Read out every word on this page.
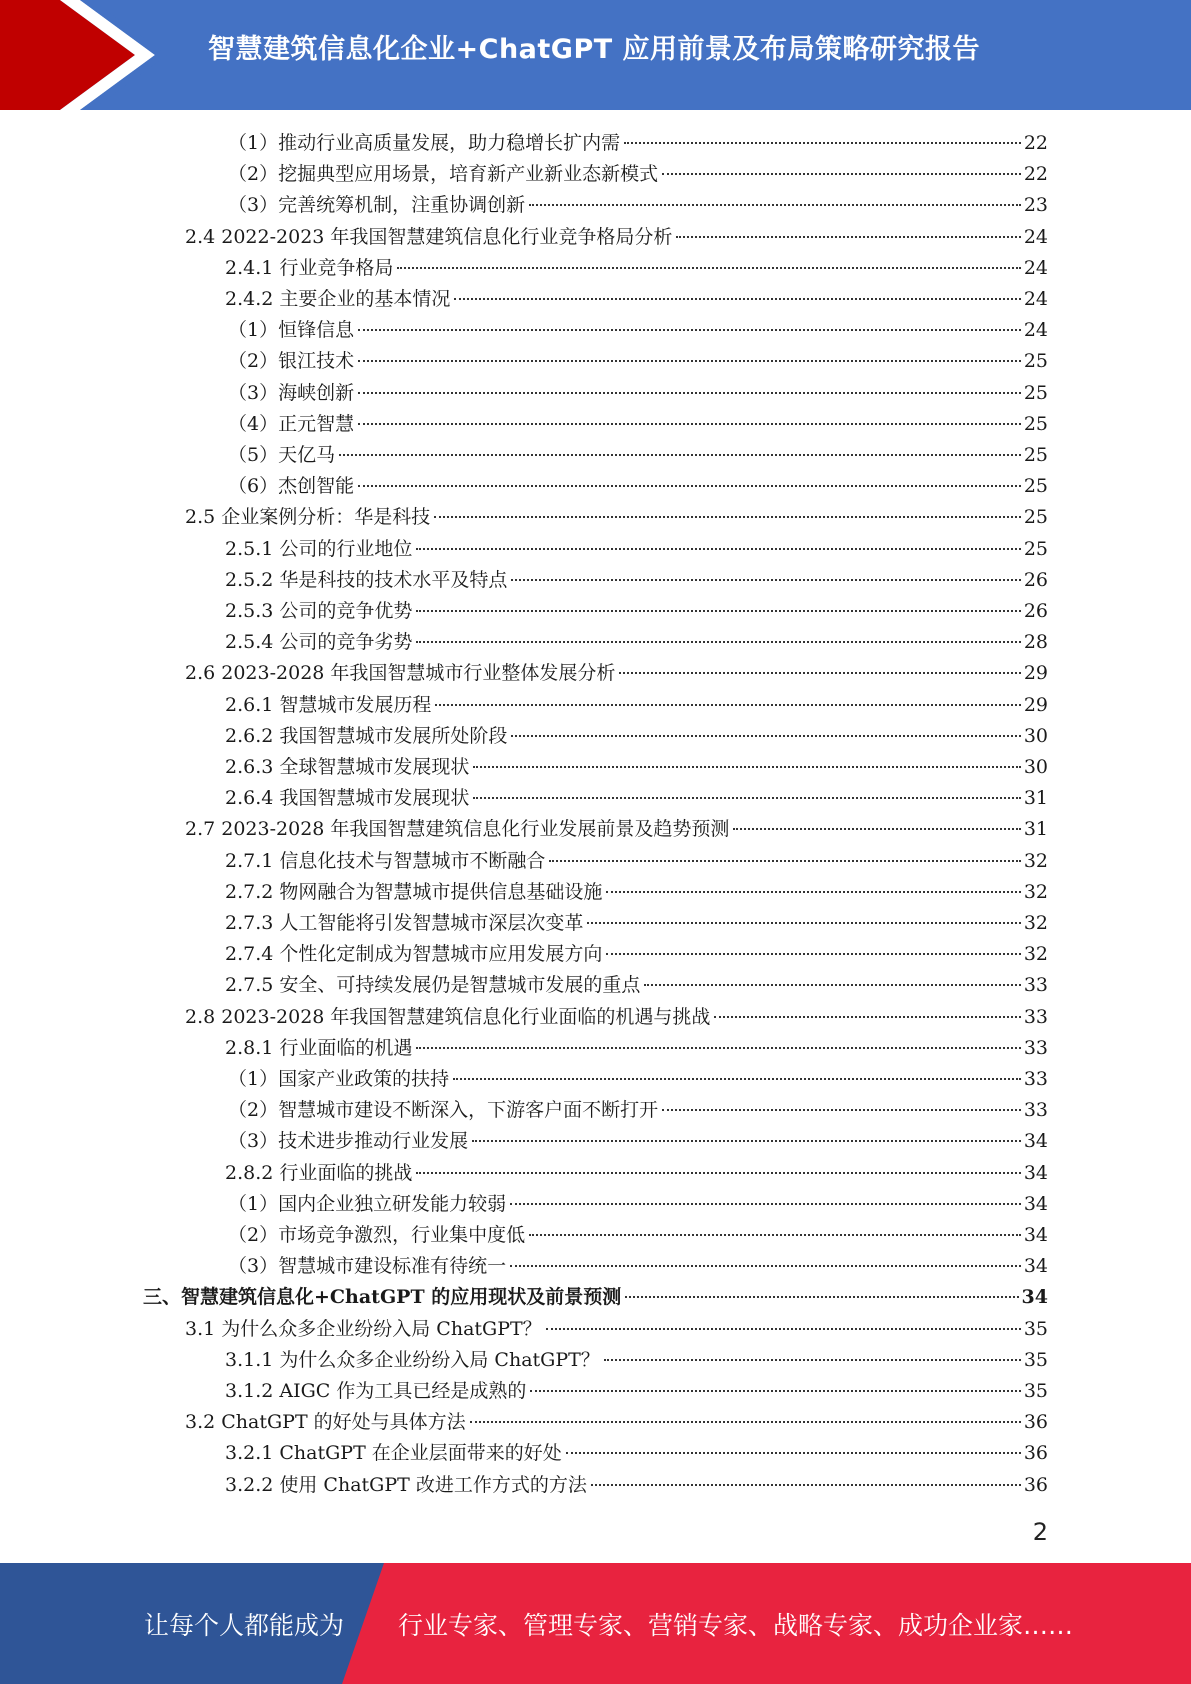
智慧建筑信息化企业+ChatGPT 应用前景及布局策略研究报告
（1）推动行业高质量发展，助力稳增长扩内需	22
（2）挖掘典型应用场景，培育新产业新业态新模式	22
（3）完善统筹机制，注重协调创新	23
2.4 2022-2023 年我国智慧建筑信息化行业竞争格局分析	24
2.4.1 行业竞争格局	24
2.4.2 主要企业的基本情况	24
（1）恒锋信息	24
（2）银江技术	25
（3）海峡创新	25
（4）正元智慧	25
（5）天亿马	25
（6）杰创智能	25
2.5 企业案例分析：华是科技	25
2.5.1 公司的行业地位	25
2.5.2 华是科技的技术水平及特点	26
2.5.3 公司的竞争优势	26
2.5.4 公司的竞争劣势	28
2.6 2023-2028 年我国智慧城市行业整体发展分析	29
2.6.1 智慧城市发展历程	29
2.6.2 我国智慧城市发展所处阶段	30
2.6.3 全球智慧城市发展现状	30
2.6.4 我国智慧城市发展现状	31
2.7 2023-2028 年我国智慧建筑信息化行业发展前景及趋势预测	31
2.7.1 信息化技术与智慧城市不断融合	32
2.7.2 物网融合为智慧城市提供信息基础设施	32
2.7.3 人工智能将引发智慧城市深层次变革	32
2.7.4 个性化定制成为智慧城市应用发展方向	32
2.7.5 安全、可持续发展仍是智慧城市发展的重点	33
2.8 2023-2028 年我国智慧建筑信息化行业面临的机遇与挑战	33
2.8.1 行业面临的机遇	33
（1）国家产业政策的扶持	33
（2）智慧城市建设不断深入，下游客户面不断打开	33
（3）技术进步推动行业发展	34
2.8.2 行业面临的挑战	34
（1）国内企业独立研发能力较弱	34
（2）市场竞争激烈，行业集中度低	34
（3）智慧城市建设标准有待统一	34
三、智慧建筑信息化+ChatGPT 的应用现状及前景预测	34
3.1 为什么众多企业纷纷入局 ChatGPT？	35
3.1.1 为什么众多企业纷纷入局 ChatGPT？	35
3.1.2 AIGC 作为工具已经是成熟的	35
3.2 ChatGPT 的好处与具体方法	36
3.2.1 ChatGPT 在企业层面带来的好处	36
3.2.2 使用 ChatGPT 改进工作方式的方法	36
2
让每个人都能成为 行业专家、管理专家、营销专家、战略专家、成功企业家……
